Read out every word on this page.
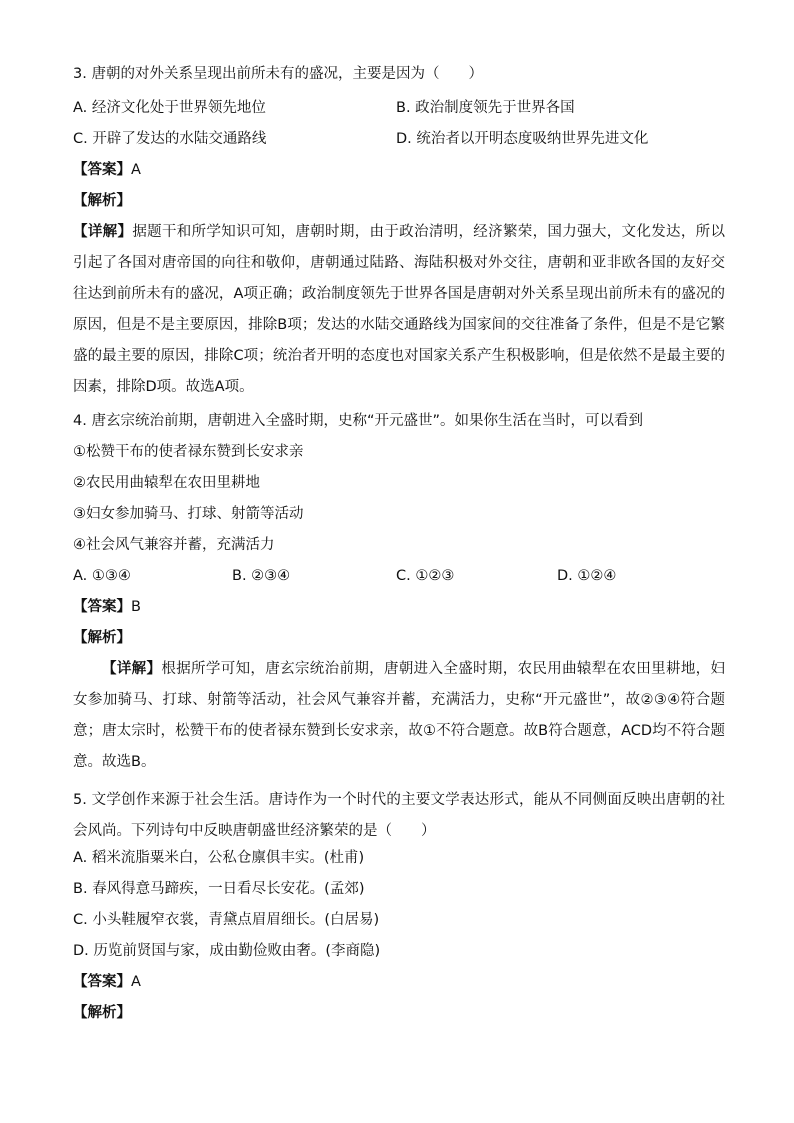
3. 唐朝的对外关系呈现出前所未有的盛况，主要是因为（　　）
A. 经济文化处于世界领先地位	B. 政治制度领先于世界各国
C. 开辟了发达的水陆交通路线	D. 统治者以开明态度吸纳世界先进文化
【答案】A
【解析】
【详解】据题干和所学知识可知，唐朝时期，由于政治清明，经济繁荣，国力强大，文化发达，所以引起了各国对唐帝国的向往和敬仰，唐朝通过陆路、海陆积极对外交往，唐朝和亚非欧各国的友好交往达到前所未有的盛况，A项正确；政治制度领先于世界各国是唐朝对外关系呈现出前所未有的盛况的原因，但是不是主要原因，排除B项；发达的水陆交通路线为国家间的交往准备了条件，但是不是它繁盛的最主要的原因，排除C项；统治者开明的态度也对国家关系产生积极影响，但是依然不是最主要的因素，排除D项。故选A项。
4. 唐玄宗统治前期，唐朝进入全盛时期，史称“开元盛世”。如果你生活在当时，可以看到
①松赞干布的使者禄东赞到长安求亲
②农民用曲辕犁在农田里耕地
③妇女参加骑马、打球、射箭等活动
④社会风气兼容并蓄，充满活力
A. ①③④	B. ②③④	C. ①②③	D. ①②④
【答案】B
【解析】
【详解】根据所学可知，唐玄宗统治前期，唐朝进入全盛时期，农民用曲辕犁在农田里耕地，妇女参加骑马、打球、射箭等活动，社会风气兼容并蓄，充满活力，史称“开元盛世”，故②③④符合题意；唐太宗时，松赞干布的使者禄东赞到长安求亲，故①不符合题意。故B符合题意，ACD均不符合题意。故选B。
5. 文学创作来源于社会生活。唐诗作为一个时代的主要文学表达形式，能从不同侧面反映出唐朝的社会风尚。下列诗句中反映唐朝盛世经济繁荣的是（　　）
A. 稻米流脂粟米白，公私仓廪俱丰实。(杜甫)
B. 春风得意马蹄疾，一日看尽长安花。(孟郊)
C. 小头鞋履窄衣裳，青黛点眉眉细长。(白居易)
D. 历览前贤国与家，成由勤俭败由奢。(李商隐)
【答案】A
【解析】
